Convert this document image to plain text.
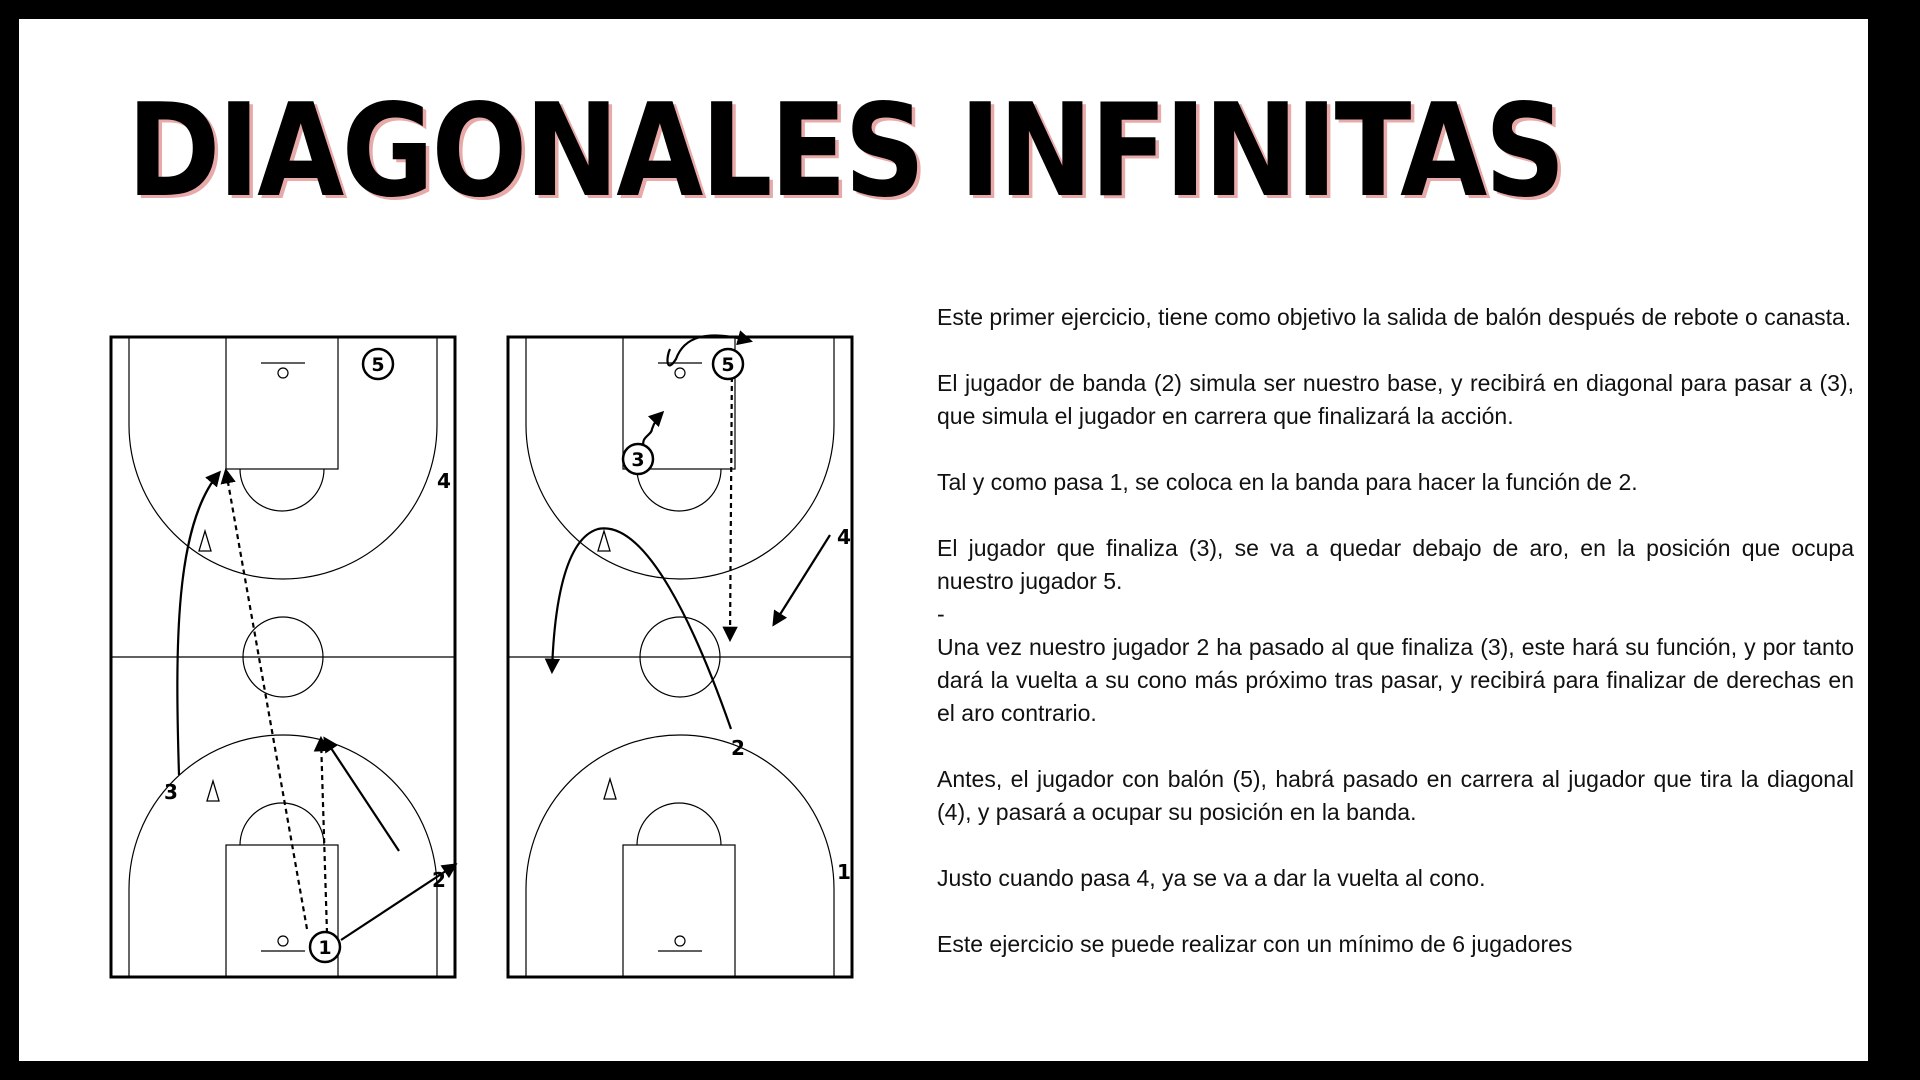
DIAGONALES INFINITAS
5
4
3
2
1
5
3
4
2
1

Este primer ejercicio, tiene como objetivo la salida de balón después de rebote o canasta.

El jugador de banda (2) simula ser nuestro base, y recibirá en diagonal para pasar a (3), que simula el jugador en carrera que finalizará la acción.

Tal y como pasa 1, se coloca en la banda para hacer la función de 2.

El jugador que finaliza (3), se va a quedar debajo de aro, en la posición que ocupa nuestro jugador 5.

-

Una vez nuestro jugador 2 ha pasado al que finaliza (3), este hará su función, y por tanto dará la vuelta a su cono más próximo tras pasar, y recibirá para finalizar de derechas en el aro contrario.

Antes, el jugador con balón (5), habrá pasado en carrera al jugador que tira la diagonal (4), y pasará a ocupar su posición en la banda.

Justo cuando pasa 4, ya se va a dar la vuelta al cono.

Este ejercicio se puede realizar con un mínimo de 6 jugadores
